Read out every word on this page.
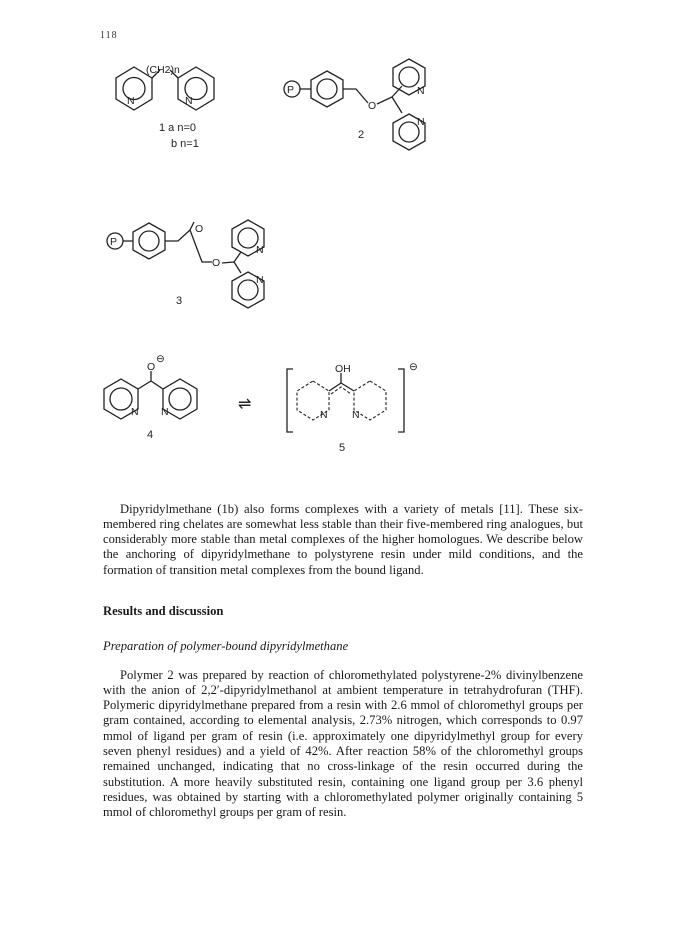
118
(CH2)n
N	N
1 a n=0
b n=1
P
O
N
N
2
P
O
O
N
N
3
O
⊖
N N
4
⇌
OH
N N
⊖
5

Dipyridylmethane (1b) also forms complexes with a variety of metals [11]. These six-membered ring chelates are somewhat less stable than their five-membered ring analogues, but considerably more stable than metal complexes of the higher homologues. We describe below the anchoring of dipyridylmethane to polystyrene resin under mild conditions, and the formation of transition metal complexes from the bound ligand.

Results and discussion
Preparation of polymer-bound dipyridylmethane

Polymer 2 was prepared by reaction of chloromethylated polystyrene-2% divinylbenzene with the anion of 2,2′-dipyridylmethanol at ambient temperature in tetrahydrofuran (THF). Polymeric dipyridylmethane prepared from a resin with 2.6 mmol of chloromethyl groups per gram contained, according to elemental analysis, 2.73% nitrogen, which corresponds to 0.97 mmol of ligand per gram of resin (i.e. approximately one dipyridylmethyl group for every seven phenyl residues) and a yield of 42%. After reaction 58% of the chloromethyl groups remained unchanged, indicating that no cross-linkage of the resin occurred during the substitution. A more heavily substituted resin, containing one ligand group per 3.6 phenyl residues, was obtained by starting with a chloromethylated polymer originally containing 5 mmol of chloromethyl groups per gram of resin.
